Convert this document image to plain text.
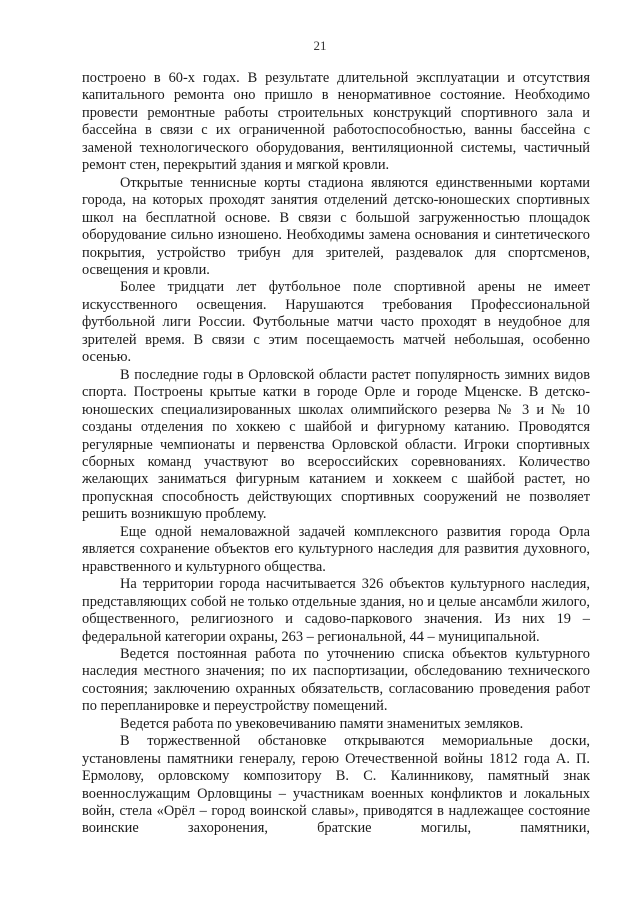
21

построено в 60-х годах. В результате длительной эксплуатации и отсутствия капитального ремонта оно пришло в ненормативное состояние. Необходимо провести ремонтные работы строительных конструкций спортивного зала и бассейна в связи с их ограниченной работоспособностью, ванны бассейна с заменой технологического оборудования, вентиляционной системы, частичный ремонт стен, перекрытий здания и мягкой кровли.

Открытые теннисные корты стадиона являются единственными кортами города, на которых проходят занятия отделений детско-юношеских спортивных школ на бесплатной основе. В связи с большой загруженностью площадок оборудование сильно изношено. Необходимы замена основания и синтетического покрытия, устройство трибун для зрителей, раздевалок для спортсменов, освещения и кровли.

Более тридцати лет футбольное поле спортивной арены не имеет искусственного освещения. Нарушаются требования Профессиональной футбольной лиги России. Футбольные матчи часто проходят в неудобное для зрителей время. В связи с этим посещаемость матчей небольшая, особенно осенью.

В последние годы в Орловской области растет популярность зимних видов спорта. Построены крытые катки в городе Орле и городе Мценске. В детско-юношеских специализированных школах олимпийского резерва № 3 и № 10 созданы отделения по хоккею с шайбой и фигурному катанию. Проводятся регулярные чемпионаты и первенства Орловской области. Игроки спортивных сборных команд участвуют во всероссийских соревнованиях. Количество желающих заниматься фигурным катанием и хоккеем с шайбой растет, но пропускная способность действующих спортивных сооружений не позволяет решить возникшую проблему.

Еще одной немаловажной задачей комплексного развития города Орла является сохранение объектов его культурного наследия для развития духовного, нравственного и культурного общества.

На территории города насчитывается 326 объектов культурного наследия, представляющих собой не только отдельные здания, но и целые ансамбли жилого, общественного, религиозного и садово-паркового значения. Из них 19 – федеральной категории охраны, 263 – региональной, 44 – муниципальной.

Ведется постоянная работа по уточнению списка объектов культурного наследия местного значения; по их паспортизации, обследованию технического состояния; заключению охранных обязательств, согласованию проведения работ по перепланировке и переустройству помещений.

Ведется работа по увековечиванию памяти знаменитых земляков.

В торжественной обстановке открываются мемориальные доски, установлены памятники генералу, герою Отечественной войны 1812 года А. П. Ермолову, орловскому композитору В. С. Калинникову, памятный знак военнослужащим Орловщины – участникам военных конфликтов и локальных войн, стела «Орёл – город воинской славы», приводятся в надлежащее состояние воинские захоронения, братские могилы, памятники,
